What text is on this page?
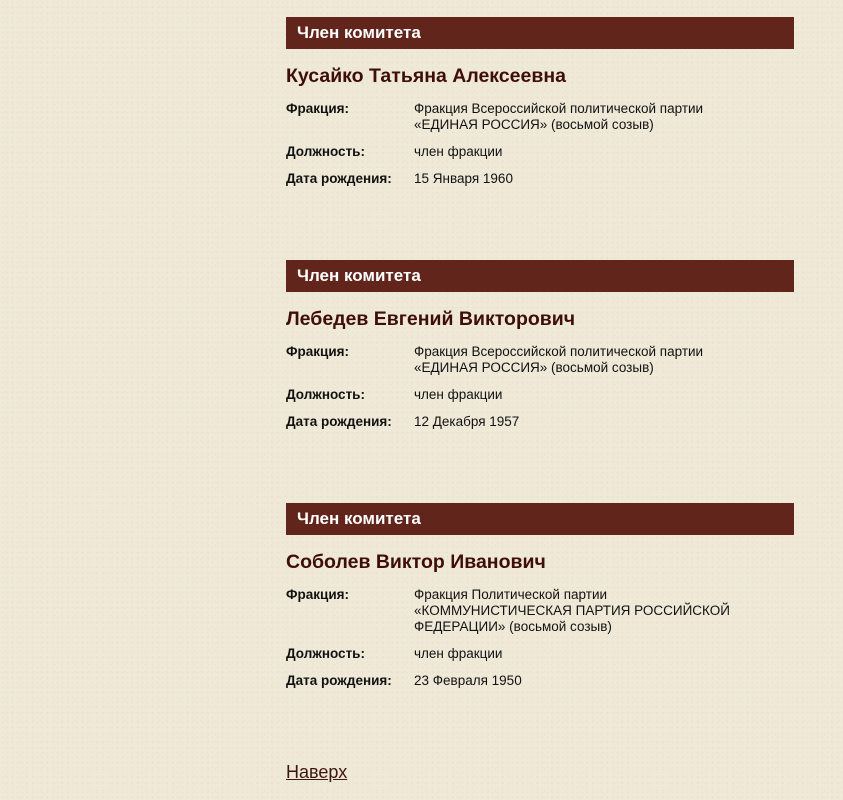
Член комитета
Кусайко Татьяна Алексеевна
Фракция:	Фракция Всероссийской политической партии «ЕДИНАЯ РОССИЯ» (восьмой созыв)
Должность:	член фракции
Дата рождения:	15 Января 1960
Член комитета
Лебедев Евгений Викторович
Фракция:	Фракция Всероссийской политической партии «ЕДИНАЯ РОССИЯ» (восьмой созыв)
Должность:	член фракции
Дата рождения:	12 Декабря 1957
Член комитета
Соболев Виктор Иванович
Фракция:	Фракция Политической партии «КОММУНИСТИЧЕСКАЯ ПАРТИЯ РОССИЙСКОЙ ФЕДЕРАЦИИ» (восьмой созыв)
Должность:	член фракции
Дата рождения:	23 Февраля 1950
Наверх
